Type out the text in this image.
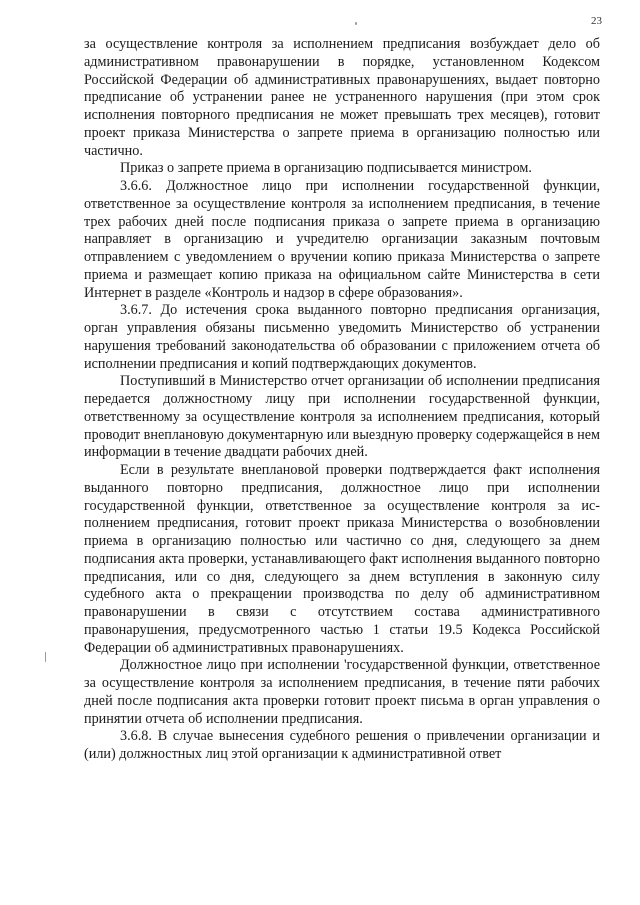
23

за осуществление контроля за исполнением предписания возбуждает дело об административном правонарушении в порядке, установленном Кодексом Российской Федерации об административных правонарушениях, выдает повторно предписание об устранении ранее не устраненного нарушения (при этом срок исполнения повторного предписания не может превышать трех месяцев), готовит проект приказа Министерства о запрете приема в организацию полностью или частично.

Приказ о запрете приема в организацию подписывается министром.

3.6.6. Должностное лицо при исполнении государственной функции, ответственное за осуществление контроля за исполнением предписания, в течение трех рабочих дней после подписания приказа о запрете приема в организацию направляет в организацию и учредителю организации заказным почтовым отправлением с уведомлением о вручении копию приказа Министерства о запрете приема и размещает копию приказа на официальном сайте Министерства в сети Интернет в разделе «Контроль и надзор в сфере образования».

3.6.7. До истечения срока выданного повторно предписания организация, орган управления обязаны письменно уведомить Министерство об устранении нарушения требований законодательства об образовании с приложением отчета об исполнении предписания и копий подтверждающих документов.

Поступивший в Министерство отчет организации об исполнении предписания передается должностному лицу при исполнении государственной функции, ответственному за осуществление контроля за исполнением предписания, который проводит внеплановую документарную или выездную проверку содержащейся в нем информации в течение двадцати рабочих дней.

Если в результате внеплановой проверки подтверждается факт исполнения выданного повторно предписания, должностное лицо при исполнении государственной функции, ответственное за осуществление контроля за исполнением предписания, готовит проект приказа Министерства о возобновлении приема в организацию полностью или частично со дня, следующего за днем подписания акта проверки, устанавливающего факт исполнения выданного повторно предписания, или со дня, следующего за днем вступления в законную силу судебного акта о прекращении производства по делу об административном правонарушении в связи с отсутствием состава административного правонарушения, предусмотренного частью 1 статьи 19.5 Кодекса Российской Федерации об административных правонарушениях.

Должностное лицо при исполнении 'государственной функции, ответственное за осуществление контроля за исполнением предписания, в течение пяти рабочих дней после подписания акта проверки готовит проект письма в орган управления о принятии отчета об исполнении предписания.

3.6.8. В случае вынесения судебного решения о привлечении организации и (или) должностных лиц этой организации к административной ответ
